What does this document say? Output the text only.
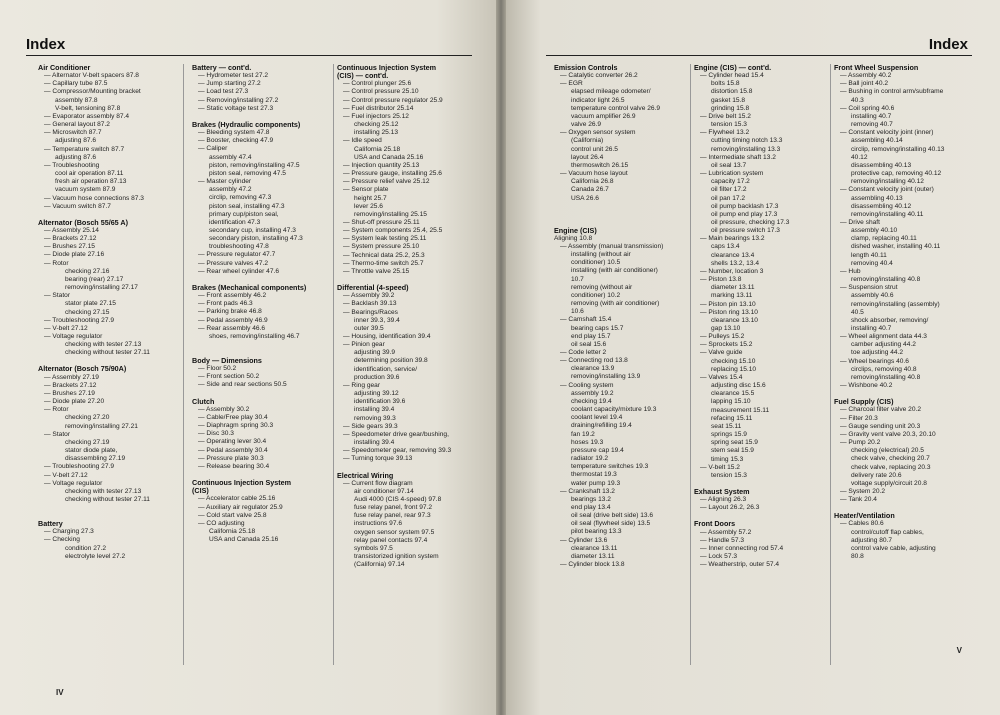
Index
Air Conditioner
— Alternator V-belt spacers 87.8
— Capillary tube 87.5
— Compressor/Mounting bracket
assembly 87.8
V-belt, tensioning 87.8
— Evaporator assembly 87.4
— General layout 87.2
— Microswitch 87.7
adjusting 87.6
— Temperature switch 87.7
adjusting 87.6
— Troubleshooting
cool air operation 87.11
fresh air operation 87.13
vacuum system 87.9
— Vacuum hose connections 87.3
— Vacuum switch 87.7
Alternator (Bosch 55/65 A)
— Assembly 25.14
— Brackets 27.12
— Brushes 27.15
— Diode plate 27.16
— Rotor
checking 27.16
bearing (rear) 27.17
removing/installing 27.17
— Stator
stator plate 27.15
checking 27.15
— Troubleshooting 27.9
— V-belt 27.12
— Voltage regulator
checking with tester 27.13
checking without tester 27.11
Alternator (Bosch 75/90A)
— Assembly 27.19
— Brackets 27.12
— Brushes 27.19
— Diode plate 27.20
— Rotor
checking 27.20
removing/installing 27.21
— Stator
checking 27.19
stator diode plate,
disassembling 27.19
— Troubleshooting 27.9
— V-belt 27.12
— Voltage regulator
checking with tester 27.13
checking without tester 27.11
Battery
— Charging 27.3
— Checking
condition 27.2
electrolyte level 27.2
Battery — cont'd.
— Hydrometer test 27.2
— Jump starting 27.2
— Load test 27.3
— Removing/installing 27.2
— Static voltage test 27.3
Brakes (Hydraulic components)
— Bleeding system 47.8
— Booster, checking 47.9
— Caliper
assembly 47.4
piston, removing/installing 47.5
piston seal, removing 47.5
— Master cylinder
assembly 47.2
circlip, removing 47.3
piston seal, installing 47.3
primary cup/piston seal,
identification 47.3
secondary cup, installing 47.3
secondary piston, installing 47.3
troubleshooting 47.8
— Pressure regulator 47.7
— Pressure valves 47.2
— Rear wheel cylinder 47.6
Brakes (Mechanical components)
— Front assembly 46.2
— Front pads 46.3
— Parking brake 46.8
— Pedal assembly 46.9
— Rear assembly 46.6
shoes, removing/installing 46.7
Body — Dimensions
— Floor 50.2
— Front section 50.2
— Side and rear sections 50.5
Clutch
— Assembly 30.2
— Cable/Free play 30.4
— Diaphragm spring 30.3
— Disc 30.3
— Operating lever 30.4
— Pedal assembly 30.4
— Pressure plate 30.3
— Release bearing 30.4
Continuous Injection System
(CIS)
— Accelerator cable 25.16
— Auxiliary air regulator 25.9
— Cold start valve 25.8
— CO adjusting
California 25.18
USA and Canada 25.16
Continuous Injection System
(CIS) — cont'd.
— Control plunger 25.6
— Control pressure 25.10
— Control pressure regulator 25.9
— Fuel distributor 25.14
— Fuel injectors 25.12
checking 25.12
installing 25.13
— Idle speed
California 25.18
USA and Canada 25.16
— Injection quantity 25.13
— Pressure gauge, installing 25.6
— Pressure relief valve 25.12
— Sensor plate
height 25.7
lever 25.6
removing/installing 25.15
— Shut-off pressure 25.11
— System components 25.4, 25.5
— System leak testing 25.11
— System pressure 25.10
— Technical data 25.2, 25.3
— Thermo-time switch 25.7
— Throttle valve 25.15
Differential (4-speed)
— Assembly 39.2
— Backlash 39.13
— Bearings/Races
inner 39.3, 39.4
outer 39.5
— Housing, identification 39.4
— Pinion gear
adjusting 39.9
determining position 39.8
identification, service/
production 39.6
— Ring gear
adjusting 39.12
identification 39.6
installing 39.4
removing 39.3
— Side gears 39.3
— Speedometer drive gear/bushing,
installing 39.4
— Speedometer gear, removing 39.3
— Turning torque 39.13
Electrical Wiring
— Current flow diagram
air conditioner 97.14
Audi 4000 (CIS 4-speed) 97.8
fuse relay panel, front 97.2
fuse relay panel, rear 97.3
instructions 97.6
oxygen sensor system 97.5
relay panel contacts 97.4
symbols 97.5
transistorized ignition system
(California) 97.14
IV
Index
Emission Controls
— Catalytic converter 26.2
— EGR
elapsed mileage odometer/
indicator light 26.5
temperature control valve 26.9
vacuum amplifier 26.9
valve 26.9
— Oxygen sensor system
(California)
control unit 26.5
layout 26.4
thermoswitch 26.15
— Vacuum hose layout
California 26.8
Canada 26.7
USA 26.6
Engine (CIS)
Aligning 10.8
— Assembly (manual transmission)
installing (without air
conditioner) 10.5
installing (with air conditioner)
10.7
removing (without air
conditioner) 10.2
removing (with air conditioner)
10.6
— Camshaft 15.4
bearing caps 15.7
end play 15.7
oil seal 15.6
— Code letter 2
— Connecting rod 13.8
clearance 13.9
removing/installing 13.9
— Cooling system
assembly 19.2
checking 19.4
coolant capacity/mixture 19.3
coolant level 19.4
draining/refilling 19.4
fan 19.2
hoses 19.3
pressure cap 19.4
radiator 19.2
temperature switches 19.3
thermostat 19.3
water pump 19.3
— Crankshaft 13.2
bearings 13.2
end play 13.4
oil seal (drive belt side) 13.6
oil seal (flywheel side) 13.5
pilot bearing 13.3
— Cylinder 13.6
clearance 13.11
diameter 13.11
— Cylinder block 13.8
Engine (CIS) — cont'd.
— Cylinder head 15.4
bolts 15.8
distortion 15.8
gasket 15.8
grinding 15.8
— Drive belt 15.2
tension 15.3
— Flywheel 13.2
cutting timing notch 13.3
removing/installing 13.3
— Intermediate shaft 13.2
oil seal 13.7
— Lubrication system
capacity 17.2
oil filter 17.2
oil pan 17.2
oil pump backlash 17.3
oil pump end play 17.3
oil pressure, checking 17.3
oil pressure switch 17.3
— Main bearings 13.2
caps 13.4
clearance 13.4
shells 13.2, 13.4
— Number, location 3
— Piston 13.8
diameter 13.11
marking 13.11
— Piston pin 13.10
— Piston ring 13.10
clearance 13.10
gap 13.10
— Pulleys 15.2
— Sprockets 15.2
— Valve guide
checking 15.10
replacing 15.10
— Valves 15.4
adjusting disc 15.6
clearance 15.5
lapping 15.10
measurement 15.11
refacing 15.11
seat 15.11
springs 15.9
spring seat 15.9
stem seal 15.9
timing 15.3
— V-belt 15.2
tension 15.3
Exhaust System
— Aligning 26.3
— Layout 26.2, 26.3
Front Doors
— Assembly 57.2
— Handle 57.3
— Inner connecting rod 57.4
— Lock 57.3
— Weatherstrip, outer 57.4
Front Wheel Suspension
— Assembly 40.2
— Ball joint 40.2
— Bushing in control arm/subframe
40.3
— Coil spring 40.6
installing 40.7
removing 40.7
— Constant velocity joint (inner)
assembling 40.14
circlip, removing/installing 40.13
40.12
disassembling 40.13
protective cap, removing 40.12
removing/installing 40.12
— Constant velocity joint (outer)
assembling 40.13
disassembling 40.12
removing/installing 40.11
— Drive shaft
assembly 40.10
clamp, replacing 40.11
dished washer, installing 40.11
length 40.11
removing 40.4
— Hub
removing/installing 40.8
— Suspension strut
assembly 40.6
removing/installing (assembly)
40.5
shock absorber, removing/
installing 40.7
— Wheel alignment data 44.3
camber adjusting 44.2
toe adjusting 44.2
— Wheel bearings 40.6
circlips, removing 40.8
removing/installing 40.8
— Wishbone 40.2
Fuel Supply (CIS)
— Charcoal filter valve 20.2
— Filter 20.3
— Gauge sending unit 20.3
— Gravity vent valve 20.3, 20.10
— Pump 20.2
checking (electrical) 20.5
check valve, checking 20.7
check valve, replacing 20.3
delivery rate 20.6
voltage supply/circuit 20.8
— System 20.2
— Tank 20.4
Heater/Ventilation
— Cables 80.6
control/cutoff flap cables,
adjusting 80.7
control valve cable, adjusting
80.8
V
